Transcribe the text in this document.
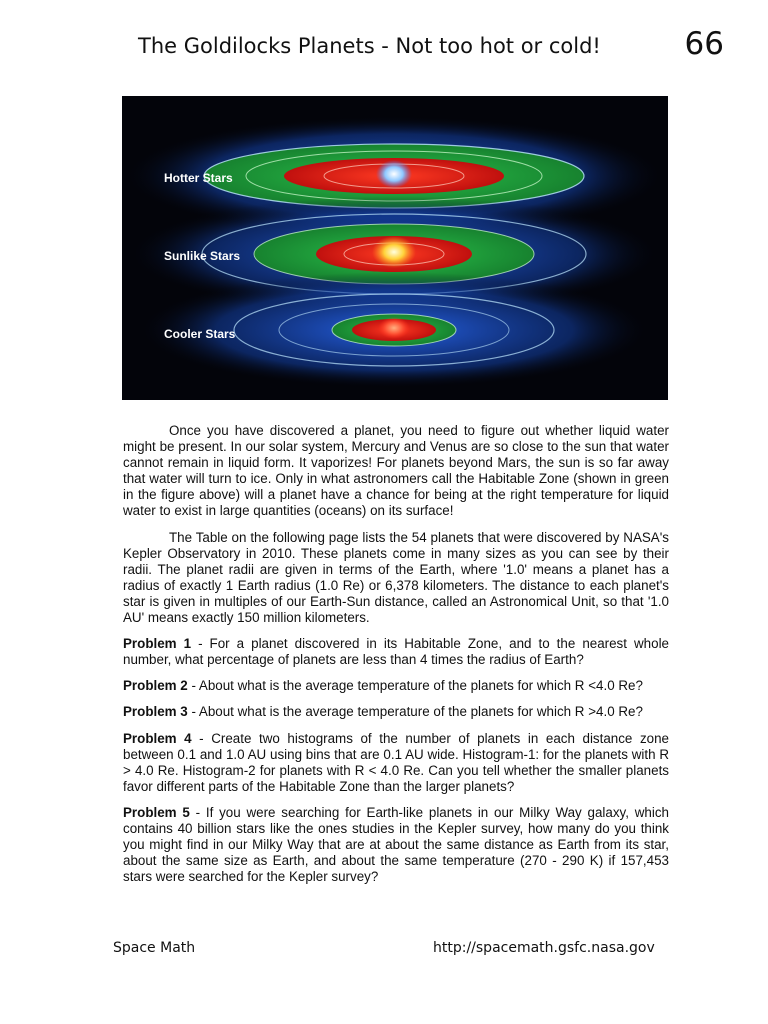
The Goldilocks Planets - Not too hot or cold!	66
Hotter Stars
Sunlike Stars
Cooler Stars

Once you have discovered a planet, you need to figure out whether liquid water might be present. In our solar system, Mercury and Venus are so close to the sun that water cannot remain in liquid form. It vaporizes! For planets beyond Mars, the sun is so far away that water will turn to ice. Only in what astronomers call the Habitable Zone (shown in green in the figure above) will a planet have a chance for being at the right temperature for liquid water to exist in large quantities (oceans) on its surface!

The Table on the following page lists the 54 planets that were discovered by NASA's Kepler Observatory in 2010. These planets come in many sizes as you can see by their radii. The planet radii are given in terms of the Earth, where '1.0' means a planet has a radius of exactly 1 Earth radius (1.0 Re) or 6,378 kilometers. The distance to each planet's star is given in multiples of our Earth-Sun distance, called an Astronomical Unit, so that '1.0 AU' means exactly 150 million kilometers.

Problem 1 - For a planet discovered in its Habitable Zone, and to the nearest whole number, what percentage of planets are less than 4 times the radius of Earth?

Problem 2 - About what is the average temperature of the planets for which R <4.0 Re?

Problem 3 - About what is the average temperature of the planets for which R >4.0 Re?

Problem 4 - Create two histograms of the number of planets in each distance zone between 0.1 and 1.0 AU using bins that are 0.1 AU wide. Histogram-1: for the planets with R > 4.0 Re. Histogram-2 for planets with R < 4.0 Re. Can you tell whether the smaller planets favor different parts of the Habitable Zone than the larger planets?

Problem 5 - If you were searching for Earth-like planets in our Milky Way galaxy, which contains 40 billion stars like the ones studies in the Kepler survey, how many do you think you might find in our Milky Way that are at about the same distance as Earth from its star, about the same size as Earth, and about the same temperature (270 - 290 K) if 157,453 stars were searched for the Kepler survey?

Space Math	http://spacemath.gsfc.nasa.gov
